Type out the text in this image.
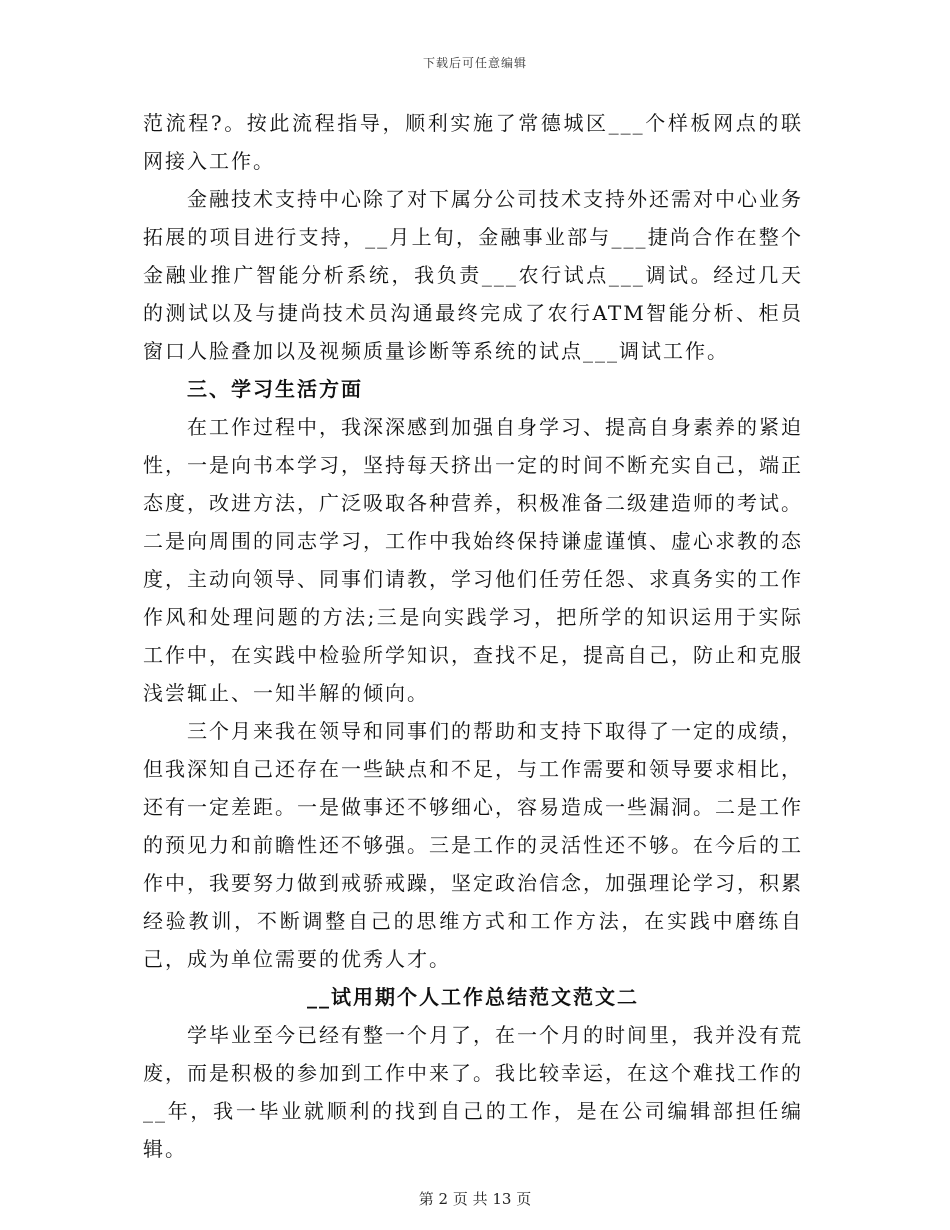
下载后可任意编辑

范流程?。按此流程指导，顺利实施了常德城区___个样板网点的联网接入工作。

金融技术支持中心除了对下属分公司技术支持外还需对中心业务拓展的项目进行支持，__月上旬，金融事业部与___捷尚合作在整个金融业推广智能分析系统，我负责___农行试点___调试。经过几天的测试以及与捷尚技术员沟通最终完成了农行ATM智能分析、柜员窗口人脸叠加以及视频质量诊断等系统的试点___调试工作。

三、学习生活方面

在工作过程中，我深深感到加强自身学习、提高自身素养的紧迫性，一是向书本学习，坚持每天挤出一定的时间不断充实自己，端正态度，改进方法，广泛吸取各种营养，积极准备二级建造师的考试。二是向周围的同志学习，工作中我始终保持谦虚谨慎、虚心求教的态度，主动向领导、同事们请教，学习他们任劳任怨、求真务实的工作作风和处理问题的方法;三是向实践学习，把所学的知识运用于实际工作中，在实践中检验所学知识，查找不足，提高自己，防止和克服浅尝辄止、一知半解的倾向。

三个月来我在领导和同事们的帮助和支持下取得了一定的成绩，但我深知自己还存在一些缺点和不足，与工作需要和领导要求相比，还有一定差距。一是做事还不够细心，容易造成一些漏洞。二是工作的预见力和前瞻性还不够强。三是工作的灵活性还不够。在今后的工作中，我要努力做到戒骄戒躁，坚定政治信念，加强理论学习，积累经验教训，不断调整自己的思维方式和工作方法，在实践中磨练自己，成为单位需要的优秀人才。

__试用期个人工作总结范文范文二

学毕业至今已经有整一个月了，在一个月的时间里，我并没有荒废，而是积极的参加到工作中来了。我比较幸运，在这个难找工作的__年，我一毕业就顺利的找到自己的工作，是在公司编辑部担任编辑。

第 2 页 共 13 页
